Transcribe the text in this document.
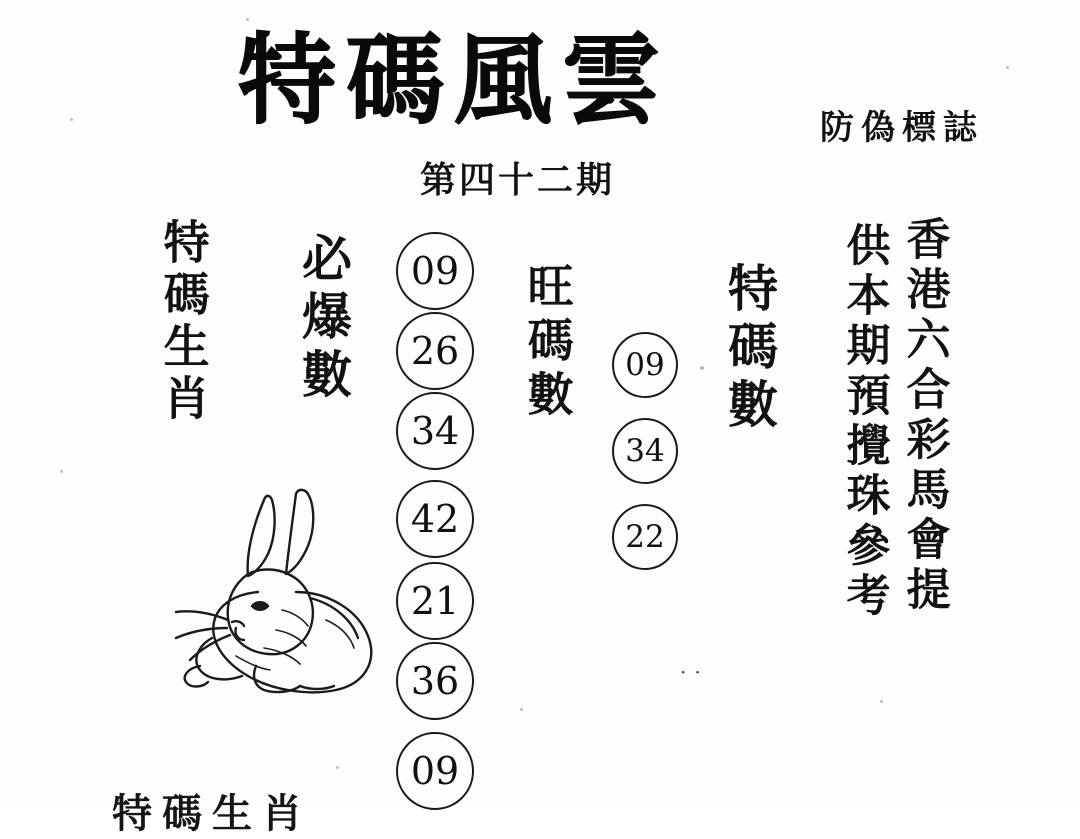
特碼風雲	防偽標誌
第四十二期
特碼生肖 必爆數	旺碼數	特碼數 供本期預攪珠參考 香港六合彩馬會提
09
26
34
42
21
36
09
09
34
22
··
特碼生肖
